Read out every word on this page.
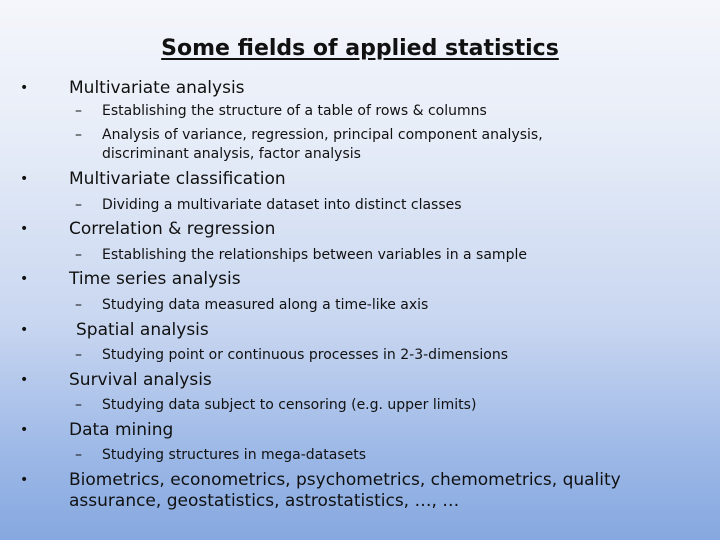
Some fields of applied statistics
• Multivariate analysis
– Establishing the structure of a table of rows & columns
– Analysis of variance, regression, principal component analysis,
discriminant analysis, factor analysis
• Multivariate classification
– Dividing a multivariate dataset into distinct classes
• Correlation & regression
– Establishing the relationships between variables in a sample
• Time series analysis
– Studying data measured along a time-like axis
•	Spatial analysis
– Studying point or continuous processes in 2-3-dimensions
• Survival analysis
– Studying data subject to censoring (e.g. upper limits)
• Data mining
– Studying structures in mega-datasets
• Biometrics, econometrics, psychometrics, chemometrics, quality
assurance, geostatistics, astrostatistics, …, …
